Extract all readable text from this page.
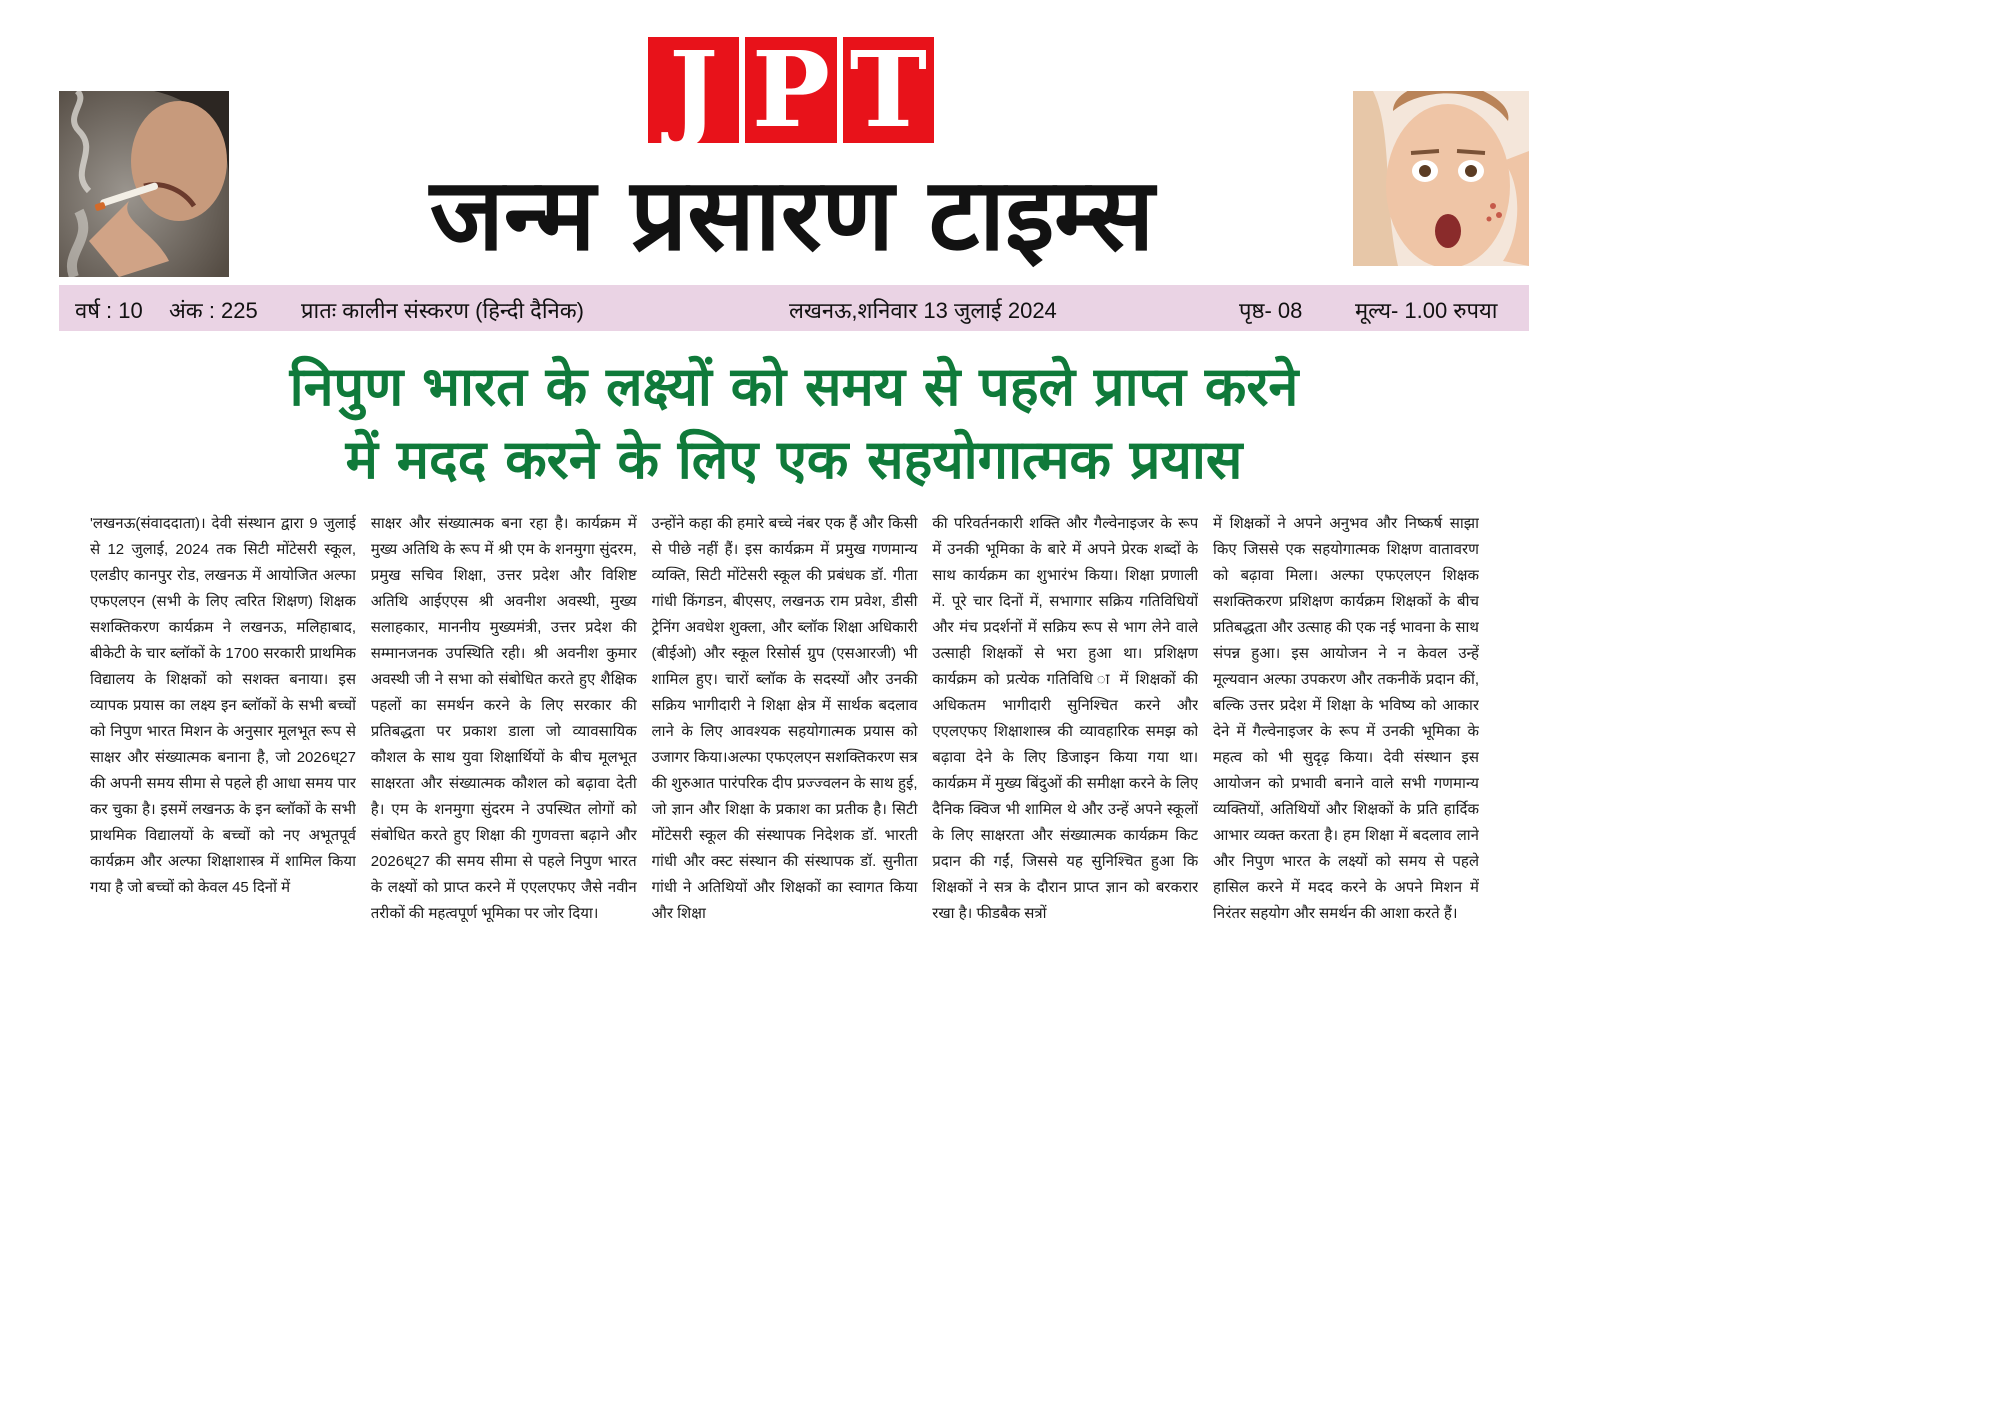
J P T
जन्म प्रसारण टाइम्स
वर्ष : 10 अंक : 225 प्रातः कालीन संस्करण (हिन्दी दैनिक)	लखनऊ,शनिवार 13 जुलाई 2024	पृष्ठ- 08 मूल्य- 1.00 रुपया
निपुण भारत के लक्ष्यों को समय से पहले प्राप्त करने
में मदद करने के लिए एक सहयोगात्मक प्रयास

'लखनऊ(संवाददाता)। देवी संस्थान द्वारा 9 जुलाई से 12 जुलाई, 2024 तक सिटी मोंटेसरी स्कूल, एलडीए कानपुर रोड, लखनऊ में आयोजित अल्फा एफएलएन (सभी के लिए त्वरित शिक्षण) शिक्षक सशक्तिकरण कार्यक्रम ने लखनऊ, मलिहाबाद, बीकेटी के चार ब्लॉकों के 1700 सरकारी प्राथमिक विद्यालय के शिक्षकों को सशक्त बनाया। इस व्यापक प्रयास का लक्ष्य इन ब्लॉकों के सभी बच्चों को निपुण भारत मिशन के अनुसार मूलभूत रूप से साक्षर और संख्यात्मक बनाना है, जो 2026ध्27 की अपनी समय सीमा से पहले ही आधा समय पार कर चुका है। इसमें लखनऊ के इन ब्लॉकों के सभी प्राथमिक विद्यालयों के बच्चों को नए अभूतपूर्व कार्यक्रम और अल्फा शिक्षाशास्त्र में शामिल किया गया है जो बच्चों को केवल 45 दिनों में

साक्षर और संख्यात्मक बना रहा है। कार्यक्रम में मुख्य अतिथि के रूप में श्री एम के शनमुगा सुंदरम, प्रमुख सचिव शिक्षा, उत्तर प्रदेश और विशिष्ट अतिथि आईएएस श्री अवनीश अवस्थी, मुख्य सलाहकार, माननीय मुख्यमंत्री, उत्तर प्रदेश की सम्मानजनक उपस्थिति रही। श्री अवनीश कुमार अवस्थी जी ने सभा को संबोधित करते हुए शैक्षिक पहलों का समर्थन करने के लिए सरकार की प्रतिबद्धता पर प्रकाश डाला जो व्यावसायिक कौशल के साथ युवा शिक्षार्थियों के बीच मूलभूत साक्षरता और संख्यात्मक कौशल को बढ़ावा देती है। एम के शनमुगा सुंदरम ने उपस्थित लोगों को संबोधित करते हुए शिक्षा की गुणवत्ता बढ़ाने और 2026ध्27 की समय सीमा से पहले निपुण भारत के लक्ष्यों को प्राप्त करने में एएलएफए जैसे नवीन तरीकों की महत्वपूर्ण भूमिका पर जोर दिया।

उन्होंने कहा की हमारे बच्चे नंबर एक हैं और किसी से पीछे नहीं हैं। इस कार्यक्रम में प्रमुख गणमान्य व्यक्ति, सिटी मोंटेसरी स्कूल की प्रबंधक डॉ. गीता गांधी किंगडन, बीएसए, लखनऊ राम प्रवेश, डीसी ट्रेनिंग अवधेश शुक्ला, और ब्लॉक शिक्षा अधिकारी (बीईओ) और स्कूल रिसोर्स ग्रुप (एसआरजी) भी शामिल हुए। चारों ब्लॉक के सदस्यों और उनकी सक्रिय भागीदारी ने शिक्षा क्षेत्र में सार्थक बदलाव लाने के लिए आवश्यक सहयोगात्मक प्रयास को उजागर किया।अल्फा एफएलएन सशक्तिकरण सत्र की शुरुआत पारंपरिक दीप प्रज्ज्वलन के साथ हुई, जो ज्ञान और शिक्षा के प्रकाश का प्रतीक है। सिटी मोंटेसरी स्कूल की संस्थापक निदेशक डॉ. भारती गांधी और क्स्ट संस्थान की संस्थापक डॉ. सुनीता गांधी ने अतिथियों और शिक्षकों का स्वागत किया और शिक्षा

की परिवर्तनकारी शक्ति और गैल्वेनाइजर के रूप में उनकी भूमिका के बारे में अपने प्रेरक शब्दों के साथ कार्यक्रम का शुभारंभ किया। शिक्षा प्रणाली में. पूरे चार दिनों में, सभागार सक्रिय गतिविधियों और मंच प्रदर्शनों में सक्रिय रूप से भाग लेने वाले उत्साही शिक्षकों से भरा हुआ था। प्रशिक्षण कार्यक्रम को प्रत्येक गतिविधि ा में शिक्षकों की अधिकतम भागीदारी सुनिश्चित करने और एएलएफए शिक्षाशास्त्र की व्यावहारिक समझ को बढ़ावा देने के लिए डिजाइन किया गया था। कार्यक्रम में मुख्य बिंदुओं की समीक्षा करने के लिए दैनिक क्विज भी शामिल थे और उन्हें अपने स्कूलों के लिए साक्षरता और संख्यात्मक कार्यक्रम किट प्रदान की गईं, जिससे यह सुनिश्चित हुआ कि शिक्षकों ने सत्र के दौरान प्राप्त ज्ञान को बरकरार रखा है। फीडबैक सत्रों

में शिक्षकों ने अपने अनुभव और निष्कर्ष साझा किए जिससे एक सहयोगात्मक शिक्षण वातावरण को बढ़ावा मिला। अल्फा एफएलएन शिक्षक सशक्तिकरण प्रशिक्षण कार्यक्रम शिक्षकों के बीच प्रतिबद्धता और उत्साह की एक नई भावना के साथ संपन्न हुआ। इस आयोजन ने न केवल उन्हें मूल्यवान अल्फा उपकरण और तकनीकें प्रदान कीं, बल्कि उत्तर प्रदेश में शिक्षा के भविष्य को आकार देने में गैल्वेनाइजर के रूप में उनकी भूमिका के महत्व को भी सुदृढ़ किया। देवी संस्थान इस आयोजन को प्रभावी बनाने वाले सभी गणमान्य व्यक्तियों, अतिथियों और शिक्षकों के प्रति हार्दिक आभार व्यक्त करता है। हम शिक्षा में बदलाव लाने और निपुण भारत के लक्ष्यों को समय से पहले हासिल करने में मदद करने के अपने मिशन में निरंतर सहयोग और समर्थन की आशा करते हैं।
